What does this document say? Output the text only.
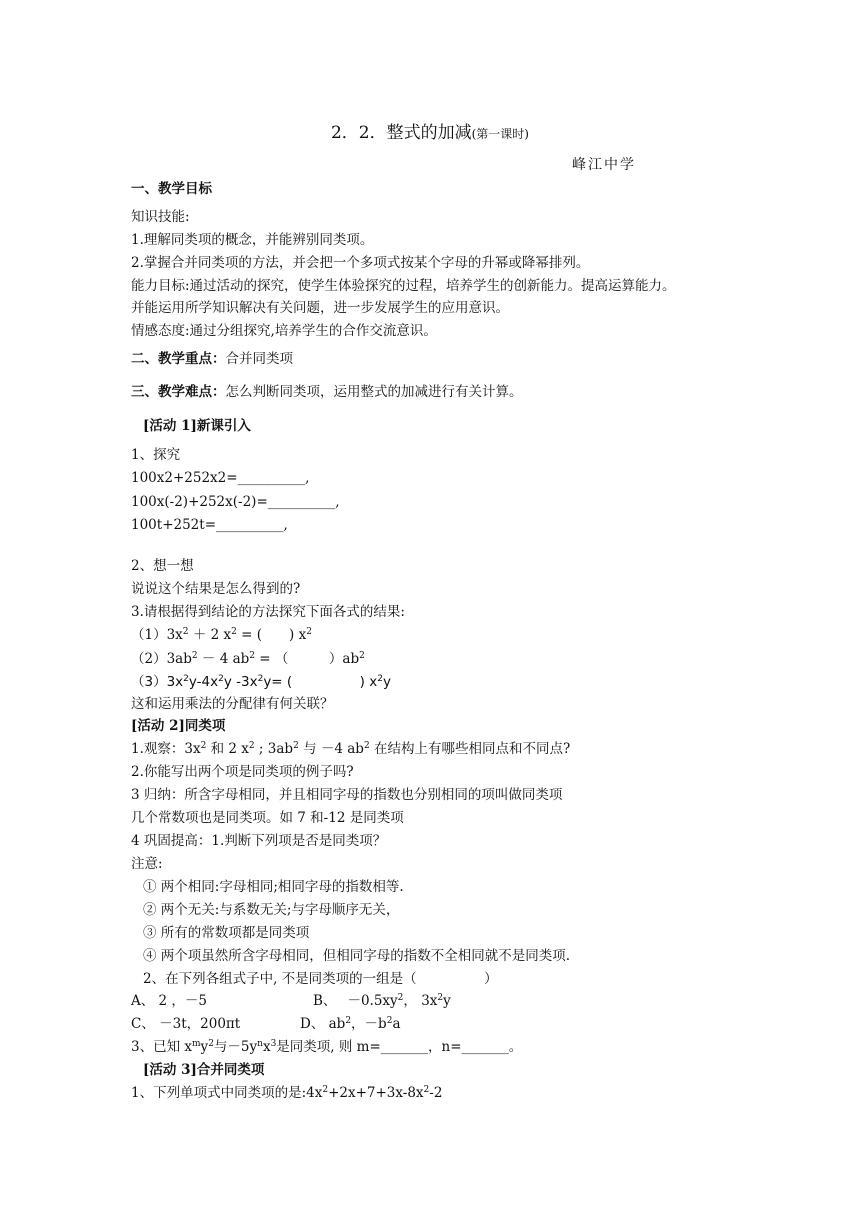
2．2．整式的加减(第一课时)
峰江中学
一、教学目标
知识技能:
1.理解同类项的概念，并能辨别同类项。
2.掌握合并同类项的方法，并会把一个多项式按某个字母的升幂或降幂排列。
能力目标:通过活动的探究，使学生体验探究的过程，培养学生的创新能力。提高运算能力。
并能运用所学知识解决有关问题，进一步发展学生的应用意识。
情感态度:通过分组探究,培养学生的合作交流意识。
二、教学重点：合并同类项
三、教学难点：怎么判断同类项，运用整式的加减进行有关计算。
[活动 1]新课引入
1、探究
100x2+252x2=__________,
100x(-2)+252x(-2)=__________,
100t+252t=__________,
2、想一想
说说这个结果是怎么得到的?
3.请根据得到结论的方法探究下面各式的结果:
$(1)3x^2 + 2$ $x^2$ = (　　) $x^2$
$(2)3ab^2 - 4$ $ab^2$ = （　　　）$ab^2$
$(3)3x^2y-4x^2y$ $-3x^2y=$ (　　　　　) $x^2y$
这和运用乘法的分配律有何关联？
[活动 2]同类项
1.观察：$3x^2$ 和 2 $x^2$ ; $3ab^2$ 与 －4 $ab^2$ 在结构上有哪些相同点和不同点?
2.你能写出两个项是同类项的例子吗?
3 归纳：所含字母相同，并且相同字母的指数也分别相同的项叫做同类项
几个常数项也是同类项。如 7 和-12 是同类项
4 巩固提高：1.判断下列项是否是同类项？
注意:
① 两个相同:字母相同;相同字母的指数相等.
② 两个无关:与系数无关;与字母顺序无关，
③ 所有的常数项都是同类项
④ 两个项虽然所含字母相同，但相同字母的指数不全相同就不是同类项.
2、在下列各组式子中, 不是同类项的一组是（　　　　　）
A、 2 ，－5	B、　 $-0.5xy^2$， $3x^2y$
C、 －3t，200πt	D、 $ab^2$，$-b^2a$
3、已知 $x^my^2$与$-5y^nx^3$是同类项, 则 m=_______，n=_______。
[活动 3]合并同类项
1、下列单项式中同类项的是$:4x^2+2x+7+3x-8x^2-2$
